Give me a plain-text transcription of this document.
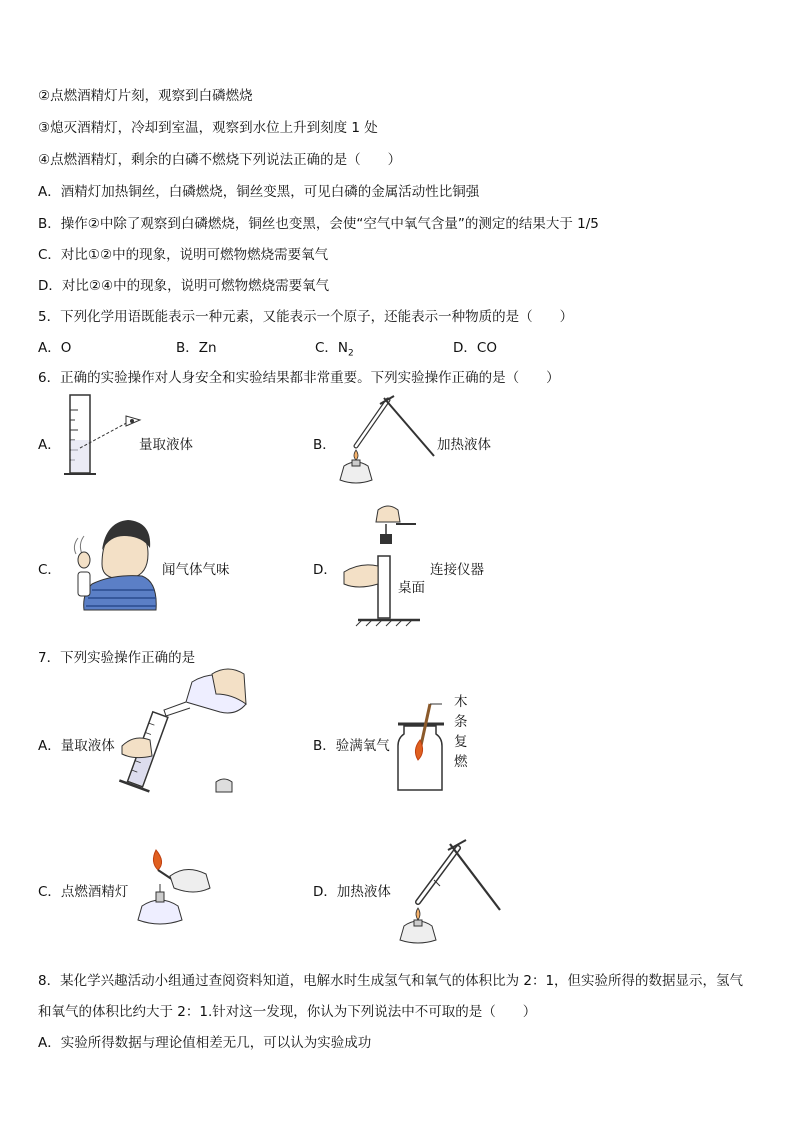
②点燃酒精灯片刻，观察到白磷燃烧
③熄灭酒精灯，冷却到室温，观察到水位上升到刻度 1 处
④点燃酒精灯，剩余的白磷不燃烧下列说法正确的是（　　）
A．酒精灯加热铜丝，白磷燃烧，铜丝变黑，可见白磷的金属活动性比铜强
B．操作②中除了观察到白磷燃烧，铜丝也变黑，会使“空气中氧气含量”的测定的结果大于 1/5
C．对比①②中的现象，说明可燃物燃烧需要氧气
D．对比②④中的现象，说明可燃物燃烧需要氧气
5．下列化学用语既能表示一种元素，又能表示一个原子，还能表示一种物质的是（　　）
A．O	B．Zn	C．$N_2$	D．CO
6．正确的实验操作对人身安全和实验结果都非常重要。下列实验操作正确的是（　　）
A．	量取液体	B．	加热液体
C．	闻气体气味	D．	连接仪器
桌面
7．下列实验操作正确的是
A．量取液体	B．验满氧气
木
条
复
燃
C．点燃酒精灯	D．加热液体
8．某化学兴趣活动小组通过查阅资料知道，电解水时生成氢气和氧气的体积比为 2：1，但实验所得的数据显示，氢气
和氧气的体积比约大于 2：1.针对这一发现，你认为下列说法中不可取的是（　　）
A．实验所得数据与理论值相差无几，可以认为实验成功
